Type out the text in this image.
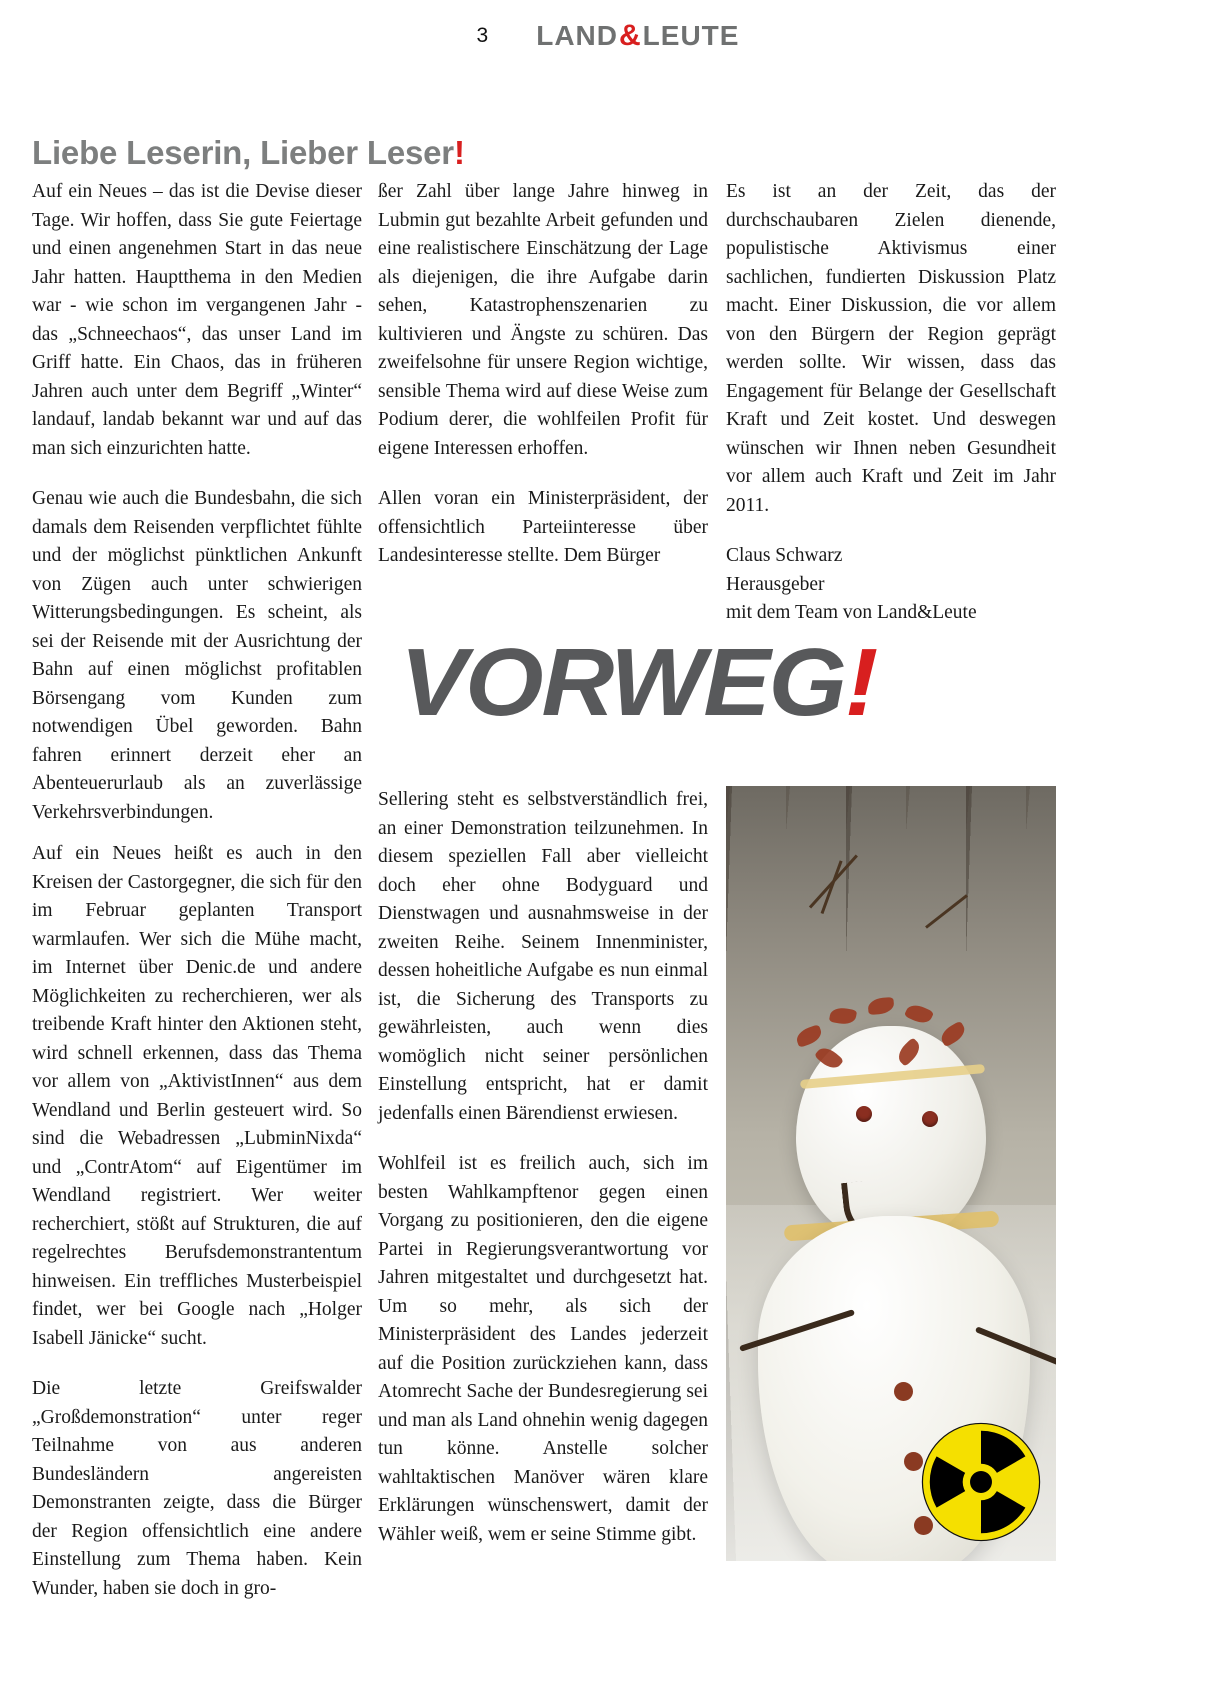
3 LAND & LEUTE
Liebe Leserin, Lieber Leser!

Auf ein Neues – das ist die Devise dieser Tage. Wir hoffen, dass Sie gute Feiertage und einen angenehmen Start in das neue Jahr hatten. Hauptthema in den Medien war - wie schon im vergangenen Jahr - das „Schneechaos“, das unser Land im Griff hatte. Ein Chaos, das in früheren Jahren auch unter dem Begriff „Winter“ landauf, landab bekannt war und auf das man sich einzurichten hatte.

Genau wie auch die Bundesbahn, die sich damals dem Reisenden verpflichtet fühlte und der möglichst pünktlichen Ankunft von Zügen auch unter schwierigen Witterungsbedingungen. Es scheint, als sei der Reisende mit der Ausrichtung der Bahn auf einen möglichst profitablen Börsengang vom Kunden zum notwendigen Übel geworden. Bahn fahren erinnert derzeit eher an Abenteuerurlaub als an zuverlässige Verkehrsverbindungen.

ßer Zahl über lange Jahre hinweg in Lubmin gut bezahlte Arbeit gefunden und eine realistischere Einschätzung der Lage als diejenigen, die ihre Aufgabe darin sehen, Katastrophenszenarien zu kultivieren und Ängste zu schüren. Das zweifelsohne für unsere Region wichtige, sensible Thema wird auf diese Weise zum Podium derer, die wohlfeilen Profit für eigene Interessen erhoffen.

Allen voran ein Ministerpräsident, der offensichtlich Parteiinteresse über Landesinteresse stellte. Dem Bürger

Es ist an der Zeit, das der durchschaubaren Zielen dienende, populistische Aktivismus einer sachlichen, fundierten Diskussion Platz macht. Einer Diskussion, die vor allem von den Bürgern der Region geprägt werden sollte. Wir wissen, dass das Engagement für Belange der Gesellschaft Kraft und Zeit kostet. Und deswegen wünschen wir Ihnen neben Gesundheit vor allem auch Kraft und Zeit im Jahr 2011.

Claus Schwarz

Herausgeber

mit dem Team von Land&Leute

VORWEG!

Auf ein Neues heißt es auch in den Kreisen der Castorgegner, die sich für den im Februar geplanten Transport warmlaufen. Wer sich die Mühe macht, im Internet über Denic.de und andere Möglichkeiten zu recherchieren, wer als treibende Kraft hinter den Aktionen steht, wird schnell erkennen, dass das Thema vor allem von „AktivistInnen“ aus dem Wendland und Berlin gesteuert wird. So sind die Webadressen „LubminNixda“ und „ContrAtom“ auf Eigentümer im Wendland registriert. Wer weiter recherchiert, stößt auf Strukturen, die auf regelrechtes Berufsdemonstrantentum hinweisen. Ein treffliches Musterbeispiel findet, wer bei Google nach „Holger Isabell Jänicke“ sucht.

Die letzte Greifswalder „Großdemonstration“ unter reger Teilnahme von aus anderen Bundesländern angereisten Demonstranten zeigte, dass die Bürger der Region offensichtlich eine andere Einstellung zum Thema haben. Kein Wunder, haben sie doch in gro-

Sellering steht es selbstverständlich frei, an einer Demonstration teilzunehmen. In diesem speziellen Fall aber vielleicht doch eher ohne Bodyguard und Dienstwagen und ausnahmsweise in der zweiten Reihe. Seinem Innenminister, dessen hoheitliche Aufgabe es nun einmal ist, die Sicherung des Transports zu gewährleisten, auch wenn dies womöglich nicht seiner persönlichen Einstellung entspricht, hat er damit jedenfalls einen Bärendienst erwiesen.

Wohlfeil ist es freilich auch, sich im besten Wahlkampftenor gegen einen Vorgang zu positionieren, den die eigene Partei in Regierungsverantwortung vor Jahren mitgestaltet und durchgesetzt hat. Um so mehr, als sich der Ministerpräsident des Landes jederzeit auf die Position zurückziehen kann, dass Atomrecht Sache der Bundesregierung sei und man als Land ohnehin wenig dagegen tun könne. Anstelle solcher wahltaktischen Manöver wären klare Erklärungen wünschenswert, damit der Wähler weiß, wem er seine Stimme gibt.
